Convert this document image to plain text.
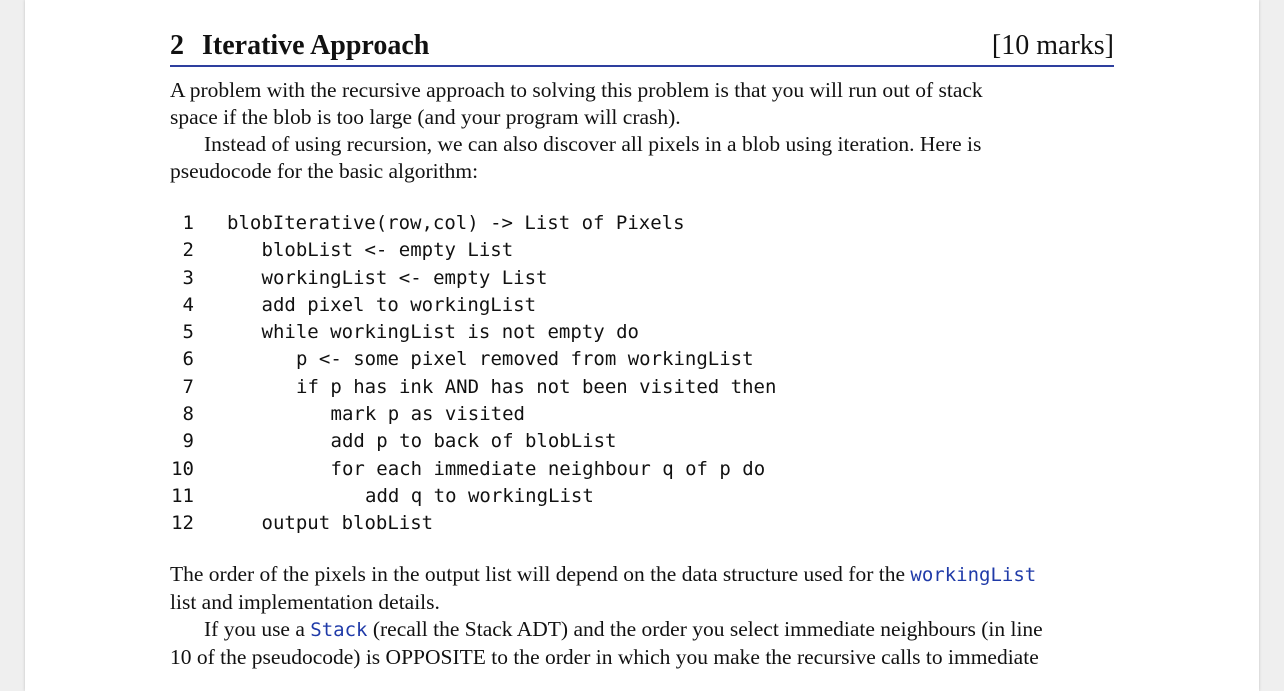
2 Iterative Approach	[10 marks]
A problem with the recursive approach to solving this problem is that you will run out of stack
space if the blob is too large (and your program will crash).
Instead of using recursion, we can also discover all pixels in a blob using iteration. Here is
pseudocode for the basic algorithm:
1 blobIterative(row,col) -> List of Pixels
2	blobList <- empty List
3	workingList <- empty List
4	add pixel to workingList
5	while workingList is not empty do
6	p <- some pixel removed from workingList
7	if p has ink AND has not been visited then
8	mark p as visited
9	add p to back of blobList
10	for each immediate neighbour q of p do
11	add q to workingList
12	output blobList
The order of the pixels in the output list will depend on the data structure used for the workingList
list and implementation details.
If you use a Stack (recall the Stack ADT) and the order you select immediate neighbours (in line
10 of the pseudocode) is OPPOSITE to the order in which you make the recursive calls to immediate
